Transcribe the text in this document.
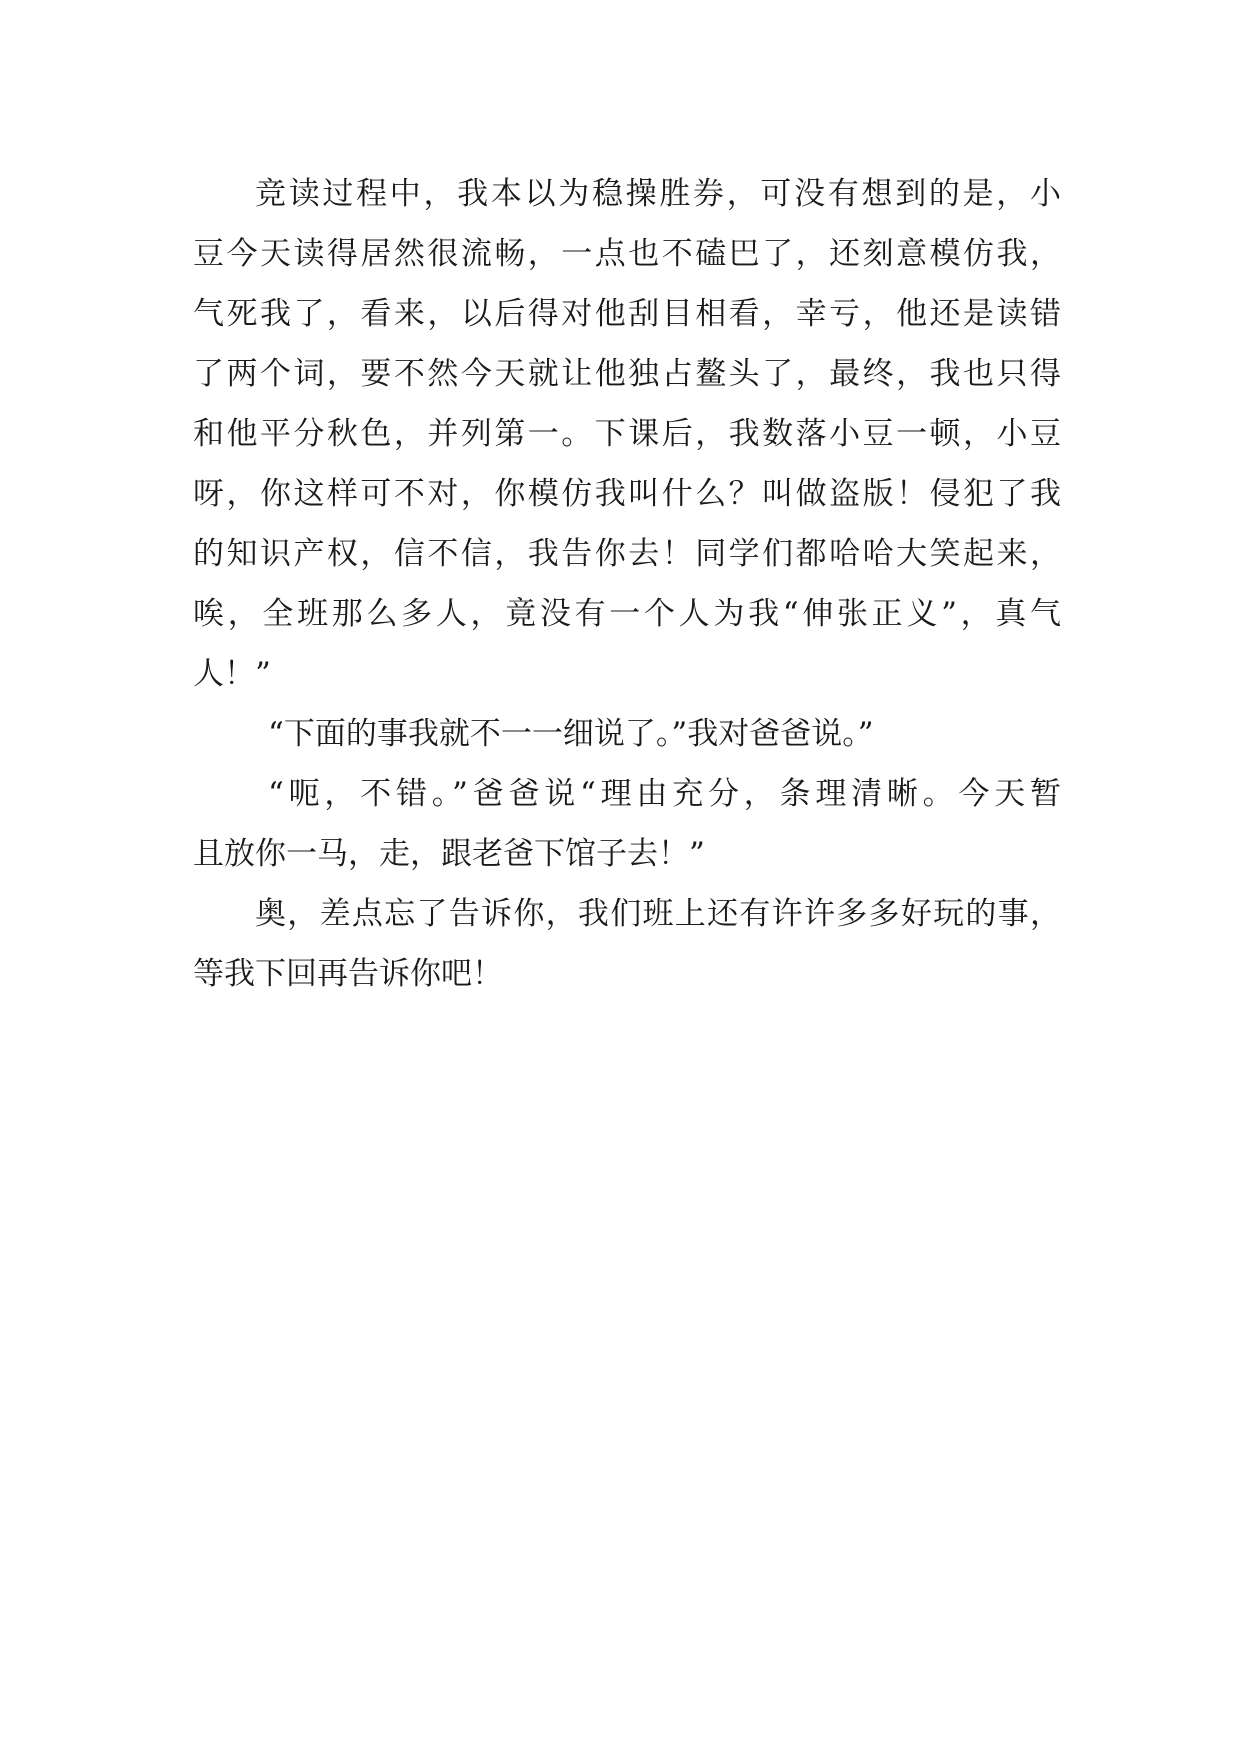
竞读过程中，我本以为稳操胜券，可没有想到的是，小
豆今天读得居然很流畅，一点也不磕巴了，还刻意模仿我，
气死我了，看来，以后得对他刮目相看，幸亏，他还是读错
了两个词，要不然今天就让他独占鳌头了，最终，我也只得
和他平分秋色，并列第一。下课后，我数落小豆一顿，小豆
呀，你这样可不对，你模仿我叫什么？叫做盗版！侵犯了我
的知识产权，信不信，我告你去！同学们都哈哈大笑起来，
唉，全班那么多人，竟没有一个人为我“伸张正义”，真气
人！”
“下面的事我就不一一细说了。”我对爸爸说。”
“呃，不错。”爸爸说“理由充分，条理清晰。今天暂
且放你一马，走，跟老爸下馆子去！”
奥，差点忘了告诉你，我们班上还有许许多多好玩的事，
等我下回再告诉你吧！
